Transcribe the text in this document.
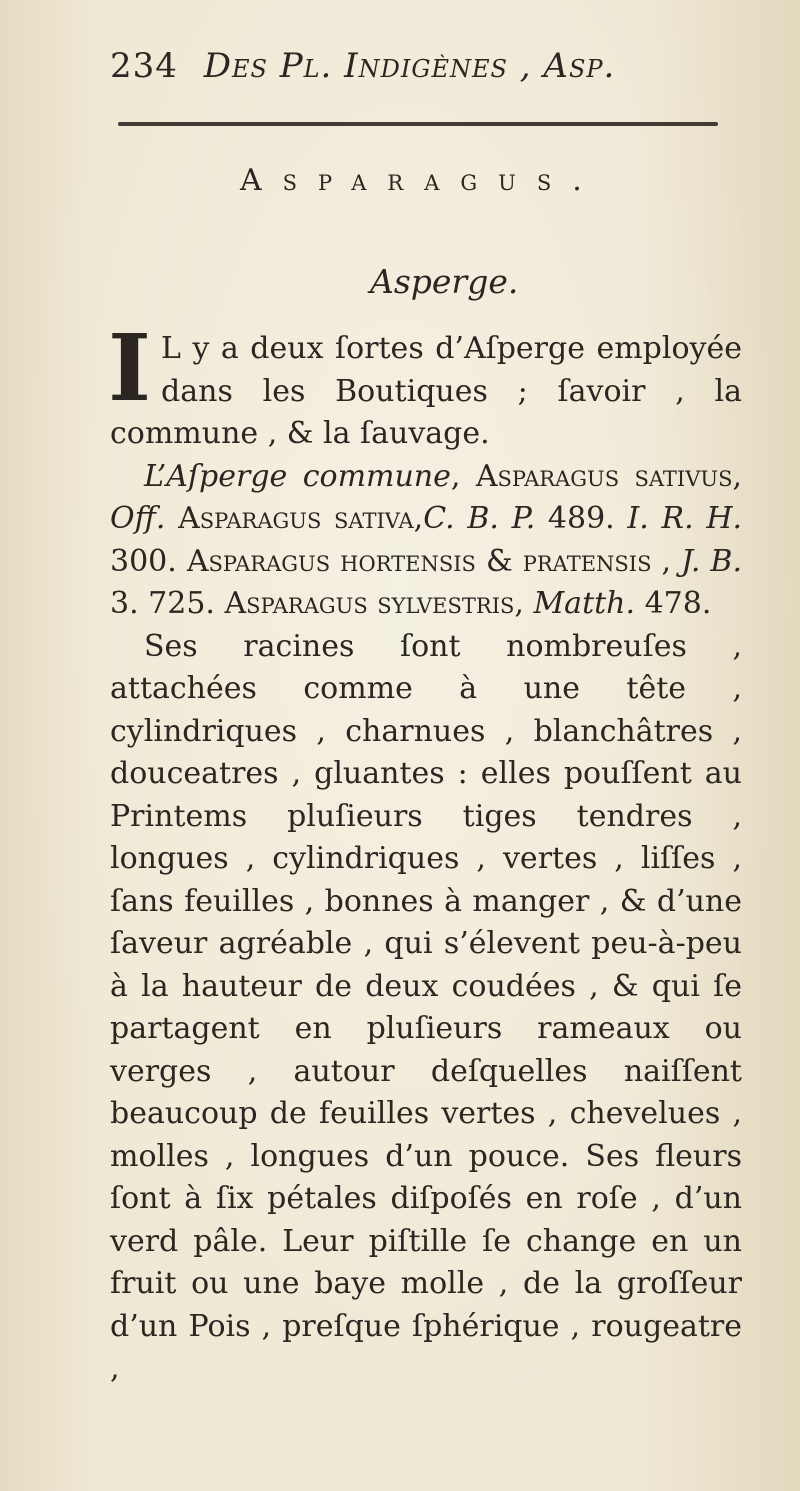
234 Des Pl. Indigènes , Asp.
Asparagus.
Asperge.

I L y a deux ſortes d’Aſperge employée dans les Boutiques ; ſavoir , la commune , & la ſauvage.

L’Aſperge commune, Asparagus sativus, Off. Asparagus sativa,C. B. P. 489. I. R. H. 300. Asparagus hortensis & pratensis , J. B. 3. 725. Asparagus sylvestris, Matth. 478.

Ses racines ſont nombreuſes , attachées comme à une tête , cylindriques , charnues , blanchâtres , douceatres , gluantes : elles pouſſent au Printems pluſieurs tiges tendres , longues , cylindriques , vertes , liſſes , ſans feuilles , bonnes à manger , & d’une ſaveur agréable , qui s’élevent peu-à-peu à la hauteur de deux coudées , & qui ſe partagent en pluſieurs rameaux ou verges , autour deſquelles naiſſent beaucoup de feuilles vertes , chevelues , molles , longues d’un pouce. Ses fleurs ſont à ſix pétales diſpoſés en roſe , d’un verd pâle. Leur piſtille ſe change en un fruit ou une baye molle , de la groſſeur d’un Pois , preſque ſphérique , rougeatre ,
